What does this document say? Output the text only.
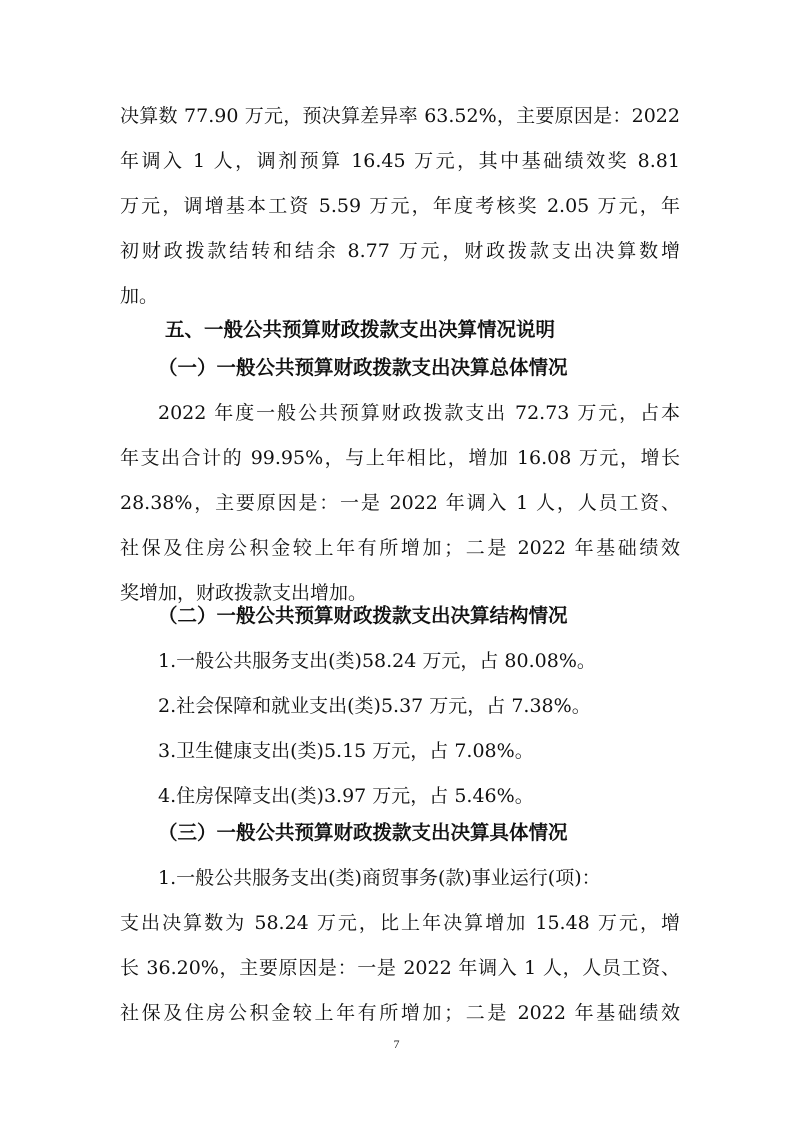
决算数 77.90 万元，预决算差异率 63.52%，主要原因是：2022
年调入 1 人，调剂预算 16.45 万元，其中基础绩效奖 8.81
万元，调增基本工资 5.59 万元，年度考核奖 2.05 万元，年
初财政拨款结转和结余 8.77 万元，财政拨款支出决算数增
加。
五、一般公共预算财政拨款支出决算情况说明
（一）一般公共预算财政拨款支出决算总体情况
2022 年度一般公共预算财政拨款支出 72.73 万元，占本
年支出合计的 99.95%，与上年相比，增加 16.08 万元，增长
28.38%，主要原因是：一是 2022 年调入 1 人，人员工资、
社保及住房公积金较上年有所增加；二是 2022 年基础绩效
奖增加，财政拨款支出增加。
（二）一般公共预算财政拨款支出决算结构情况
1.一般公共服务支出(类)58.24 万元，占 80.08%。
2.社会保障和就业支出(类)5.37 万元，占 7.38%。
3.卫生健康支出(类)5.15 万元，占 7.08%。
4.住房保障支出(类)3.97 万元，占 5.46%。
（三）一般公共预算财政拨款支出决算具体情况
1.一般公共服务支出(类)商贸事务(款)事业运行(项)：
支出决算数为 58.24 万元，比上年决算增加 15.48 万元，增
长 36.20%，主要原因是：一是 2022 年调入 1 人，人员工资、
社保及住房公积金较上年有所增加；二是 2022 年基础绩效
7
